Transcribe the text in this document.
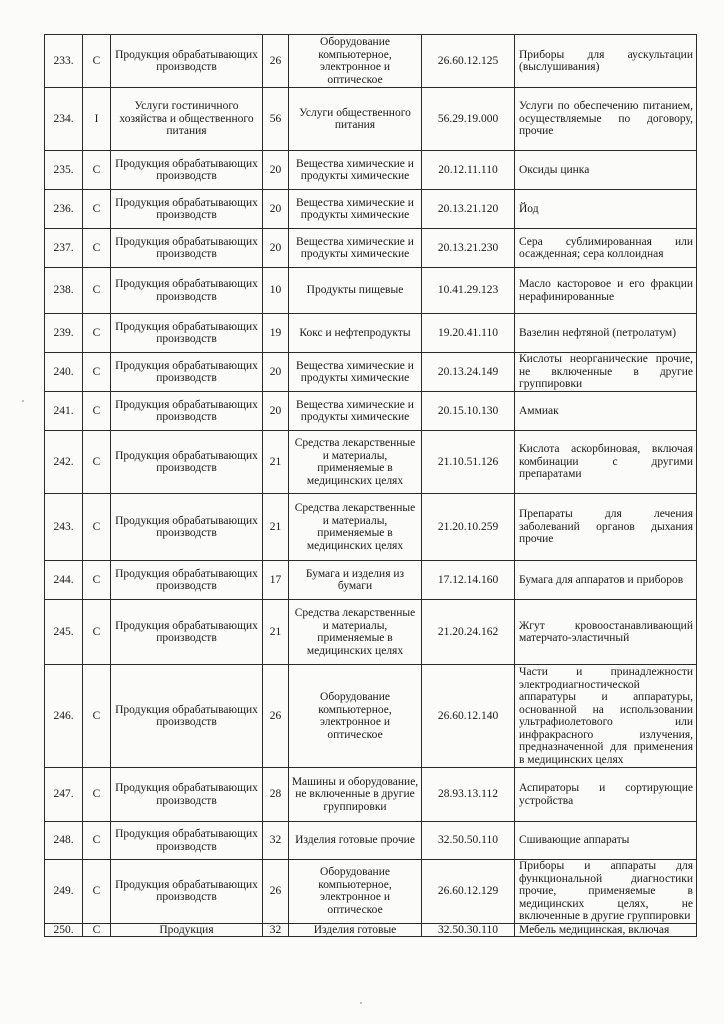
233.	C	Продукция обрабатывающих производств	26	Оборудование компьютерное, электронное и оптическое	26.60.12.125	Приборы для аускультации (выслушивания)
234.	I	Услуги гостиничного хозяйства и общественного питания	56	Услуги общественного питания	56.29.19.000	Услуги по обеспечению питанием, осуществляемые по договору, прочие
235.	C	Продукция обрабатывающих производств	20	Вещества химические и продукты химические	20.12.11.110	Оксиды цинка
236.	C	Продукция обрабатывающих производств	20	Вещества химические и продукты химические	20.13.21.120	Йод
237.	C	Продукция обрабатывающих производств	20	Вещества химические и продукты химические	20.13.21.230	Сера сублимированная или осажденная; сера коллоидная
238.	C	Продукция обрабатывающих производств	10	Продукты пищевые	10.41.29.123	Масло касторовое и его фракции нерафинированные
239.	C	Продукция обрабатывающих производств	19	Кокс и нефтепродукты	19.20.41.110	Вазелин нефтяной (петролатум)
240.	C	Продукция обрабатывающих производств	20	Вещества химические и продукты химические	20.13.24.149	Кислоты неорганические прочие, не включенные в другие группировки
241.	C	Продукция обрабатывающих производств	20	Вещества химические и продукты химические	20.15.10.130	Аммиак
242.	C	Продукция обрабатывающих производств	21	Средства лекарственные и материалы, применяемые в медицинских целях	21.10.51.126	Кислота аскорбиновая, включая комбинации с другими препаратами
243.	C	Продукция обрабатывающих производств	21	Средства лекарственные и материалы, применяемые в медицинских целях	21.20.10.259	Препараты для лечения заболеваний органов дыхания прочие
244.	C	Продукция обрабатывающих производств	17	Бумага и изделия из бумаги	17.12.14.160	Бумага для аппаратов и приборов
245.	C	Продукция обрабатывающих производств	21	Средства лекарственные и материалы, применяемые в медицинских целях	21.20.24.162	Жгут кровоостанавливающий матерчато-эластичный
246.	C	Продукция обрабатывающих производств	26	Оборудование компьютерное, электронное и оптическое	26.60.12.140	Части и принадлежности электродиагностической аппаратуры и аппаратуры, основанной на использовании ультрафиолетового или инфракрасного излучения, предназначенной для применения в медицинских целях
247.	C	Продукция обрабатывающих производств	28	Машины и оборудование, не включенные в другие группировки	28.93.13.112	Аспираторы и сортирующие устройства
248.	C	Продукция обрабатывающих производств	32	Изделия готовые прочие	32.50.50.110	Сшивающие аппараты
249.	C	Продукция обрабатывающих производств	26	Оборудование компьютерное, электронное и оптическое	26.60.12.129	Приборы и аппараты для функциональной диагностики прочие, применяемые в медицинских целях, не включенные в другие группировки
250.	C	Продукция	32	Изделия готовые	32.50.30.110	Мебель медицинская, включая
